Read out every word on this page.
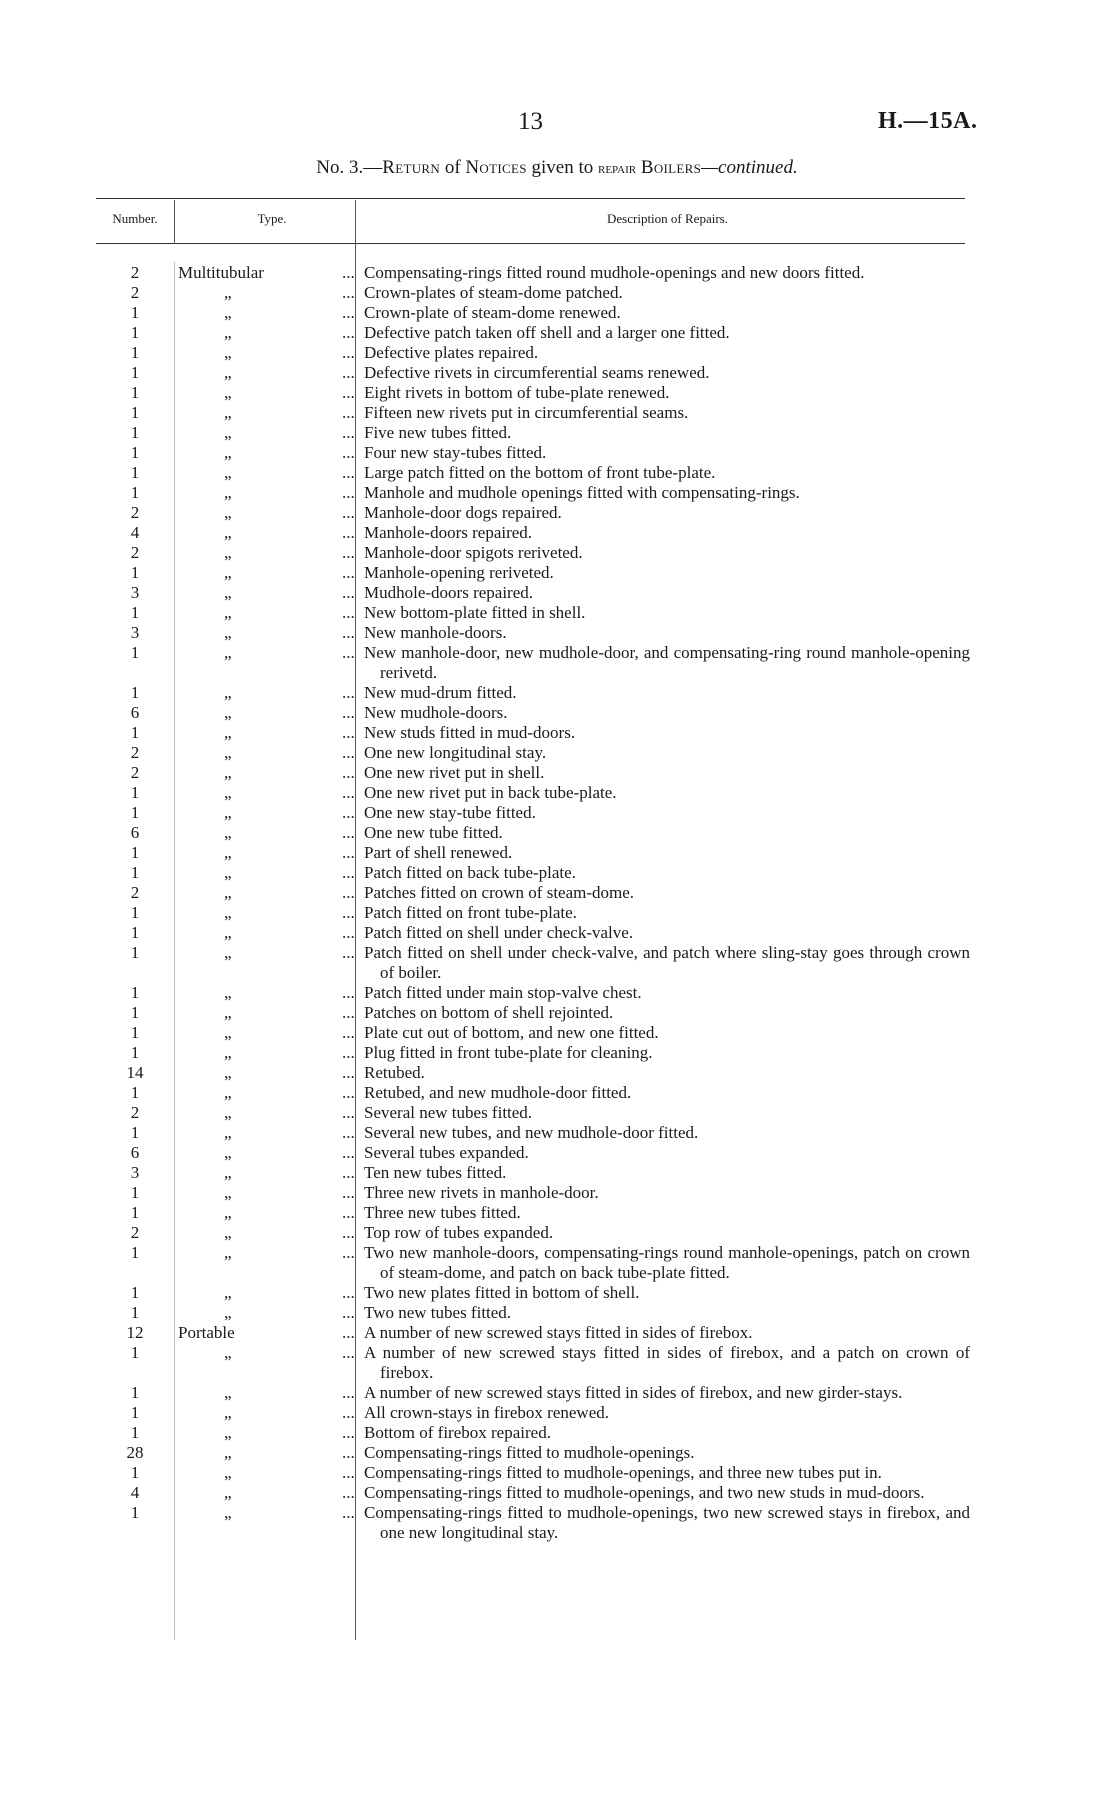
13	H.—15A.
No. 3.—Return of Notices given to repair Boilers—continued.
Number.	Type.	Description of Repairs.
2	Multitubular	... Compensating-rings fitted round mudhole-openings and new doors fitted.
2	„	... Crown-plates of steam-dome patched.
1	„	... Crown-plate of steam-dome renewed.
1	„	... Defective patch taken off shell and a larger one fitted.
1	„	... Defective plates repaired.
1	„	... Defective rivets in circumferential seams renewed.
1	„	... Eight rivets in bottom of tube-plate renewed.
1	„	... Fifteen new rivets put in circumferential seams.
1	„	... Five new tubes fitted.
1	„	... Four new stay-tubes fitted.
1	„	... Large patch fitted on the bottom of front tube-plate.
1	„	... Manhole and mudhole openings fitted with compensating-rings.
2	„	... Manhole-door dogs repaired.
4	„	... Manhole-doors repaired.
2	„	... Manhole-door spigots reriveted.
1	„	... Manhole-opening reriveted.
3	„	... Mudhole-doors repaired.
1	„	... New bottom-plate fitted in shell.
3	„	... New manhole-doors.
1	„	... New manhole-door, new mudhole-door, and compensating-ring round manhole-opening rerivetd.
1	„	... New mud-drum fitted.
6	„	... New mudhole-doors.
1	„	... New studs fitted in mud-doors.
2	„	... One new longitudinal stay.
2	„	... One new rivet put in shell.
1	„	... One new rivet put in back tube-plate.
1	„	... One new stay-tube fitted.
6	„	... One new tube fitted.
1	„	... Part of shell renewed.
1	„	... Patch fitted on back tube-plate.
2	„	... Patches fitted on crown of steam-dome.
1	„	... Patch fitted on front tube-plate.
1	„	... Patch fitted on shell under check-valve.
1	„	... Patch fitted on shell under check-valve, and patch where sling-stay goes through crown of boiler.
1	„	... Patch fitted under main stop-valve chest.
1	„	... Patches on bottom of shell rejointed.
1	„	... Plate cut out of bottom, and new one fitted.
1	„	... Plug fitted in front tube-plate for cleaning.
14	„	... Retubed.
1	„	... Retubed, and new mudhole-door fitted.
2	„	... Several new tubes fitted.
1	„	... Several new tubes, and new mudhole-door fitted.
6	„	... Several tubes expanded.
3	„	... Ten new tubes fitted.
1	„	... Three new rivets in manhole-door.
1	„	... Three new tubes fitted.
2	„	... Top row of tubes expanded.
1	„	... Two new manhole-doors, compensating-rings round manhole-openings, patch on crown of steam-dome, and patch on back tube-plate fitted.
1	„	... Two new plates fitted in bottom of shell.
1	„	... Two new tubes fitted.
12	Portable	... A number of new screwed stays fitted in sides of firebox.
1	„	... A number of new screwed stays fitted in sides of firebox, and a patch on crown of firebox.
1	„	... A number of new screwed stays fitted in sides of firebox, and new girder-stays.
1	„	... All crown-stays in firebox renewed.
1	„	... Bottom of firebox repaired.
28	„	... Compensating-rings fitted to mudhole-openings.
1	„	... Compensating-rings fitted to mudhole-openings, and three new tubes put in.
4	„	... Compensating-rings fitted to mudhole-openings, and two new studs in mud-doors.
1	„	... Compensating-rings fitted to mudhole-openings, two new screwed stays in firebox, and one new longitudinal stay.
